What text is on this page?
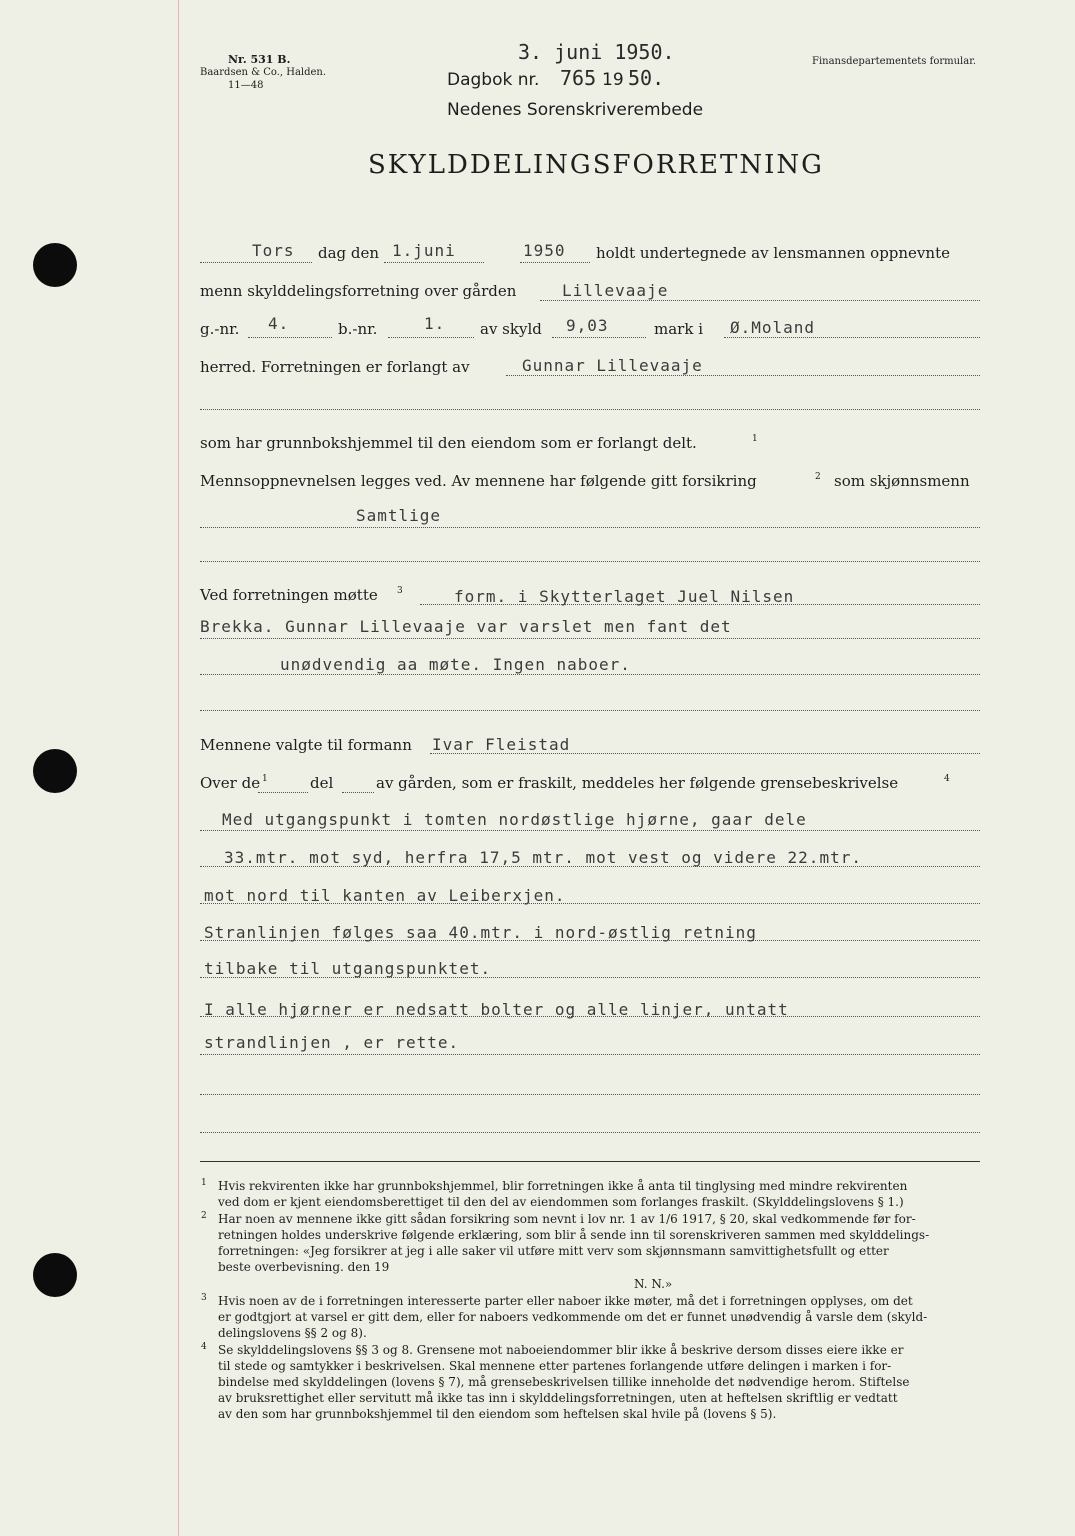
Nr. 531 B.
Baardsen & Co., Halden.
11—48
Finansdepartementets formular.
3. juni 1950.
Dagbok nr. 765 19 50.
Nedenes Sorenskriverembede
SKYLDDELINGSFORRETNING
Tors dag den 1.juni	1950 holdt undertegnede av lensmannen oppnevnte
menn skylddelingsforretning over gården	Lillevaaje
g.-nr. 4.	b.-nr.	1. av skyld 9,03	mark i Ø.Moland
herred. Forretningen er forlangt av	Gunnar Lillevaaje
som har grunnbokshjemmel til den eiendom som er forlangt delt.	1
Mennsoppnevnelsen legges ved. Av mennene har følgende gitt forsikring	2 som skjønnsmenn
Samtlige
Ved forretningen møtte 3	form. i Skytterlaget Juel Nilsen
Brekka. Gunnar Lillevaaje var varslet men fant det
unødvendig aa møte. Ingen naboer.
Mennene valgte til formann Ivar Fleistad
Over de 1	del	av gården, som er fraskilt, meddeles her følgende grensebeskrivelse	4
Med utgangspunkt i tomten nordøstlige hjørne, gaar dele
33.mtr. mot syd, herfra 17,5 mtr. mot vest og videre 22.mtr.
mot nord til kanten av Leiberxjen.
Stranlinjen følges saa 40.mtr. i nord-østlig retning
tilbake til utgangspunktet.
I alle hjørner er nedsatt bolter og alle linjer, untatt
strandlinjen , er rette.
1 Hvis rekvirenten ikke har grunnbokshjemmel, blir forretningen ikke å anta til tinglysing med mindre rekvirenten
ved dom er kjent eiendomsberettiget til den del av eiendommen som forlanges fraskilt. (Skylddelingslovens § 1.)
2 Har noen av mennene ikke gitt sådan forsikring som nevnt i lov nr. 1 av 1/6 1917, § 20, skal vedkommende før for-
retningen holdes underskrive følgende erklæring, som blir å sende inn til sorenskriveren sammen med skylddelings-
forretningen: «Jeg forsikrer at jeg i alle saker vil utføre mitt verv som skjønnsmann samvittighetsfullt og etter
beste overbevisning. den 19
N. N.»
3 Hvis noen av de i forretningen interesserte parter eller naboer ikke møter, må det i forretningen opplyses, om det
er godtgjort at varsel er gitt dem, eller for naboers vedkommende om det er funnet unødvendig å varsle dem (skyld-
delingslovens §§ 2 og 8).
4 Se skylddelingslovens §§ 3 og 8. Grensene mot naboeiendommer blir ikke å beskrive dersom disses eiere ikke er
til stede og samtykker i beskrivelsen. Skal mennene etter partenes forlangende utføre delingen i marken i for-
bindelse med skylddelingen (lovens § 7), må grensebeskrivelsen tillike inneholde det nødvendige herom. Stiftelse
av bruksrettighet eller servitutt må ikke tas inn i skylddelingsforretningen, uten at heftelsen skriftlig er vedtatt
av den som har grunnbokshjemmel til den eiendom som heftelsen skal hvile på (lovens § 5).
